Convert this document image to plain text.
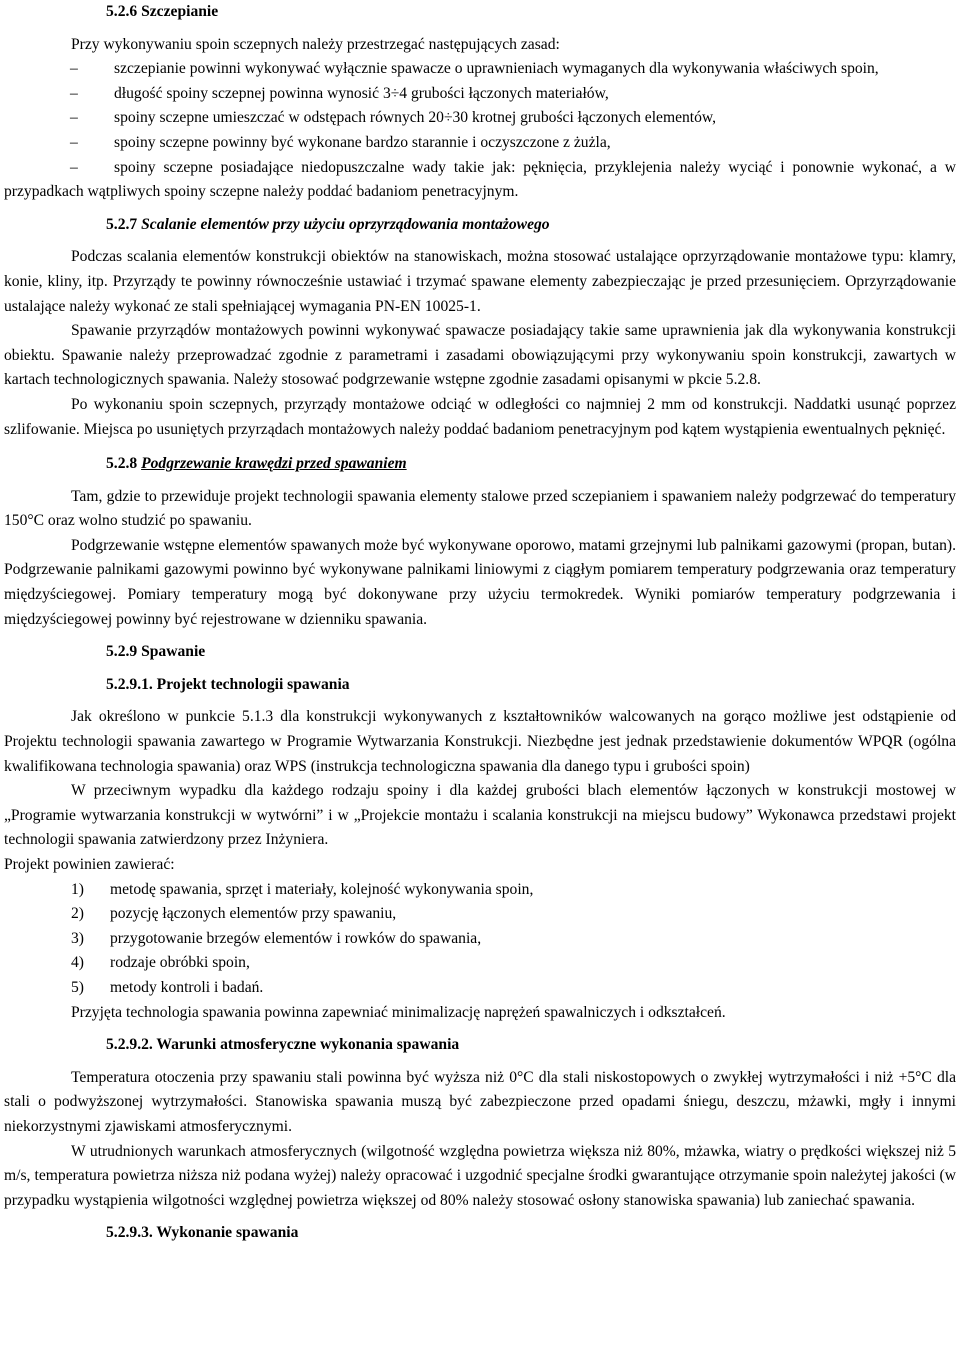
5.2.6 Szczepianie

Przy wykonywaniu spoin sczepnych należy przestrzegać następujących zasad:

– szczepianie powinni wykonywać wyłącznie spawacze o uprawnieniach wymaganych dla wykonywania właściwych spoin,

– długość spoiny sczepnej powinna wynosić 3÷4 grubości łączonych materiałów,

– spoiny sczepne umieszczać w odstępach równych 20÷30 krotnej grubości łączonych elementów,

– spoiny sczepne powinny być wykonane bardzo starannie i oczyszczone z żużla,

– spoiny sczepne posiadające niedopuszczalne wady takie jak: pęknięcia, przyklejenia należy wyciąć i ponownie wykonać, a w przypadkach wątpliwych spoiny sczepne należy poddać badaniom penetracyjnym.

5.2.7 Scalanie elementów przy użyciu oprzyrządowania montażowego

Podczas scalania elementów konstrukcji obiektów na stanowiskach, można stosować ustalające oprzyrządowanie montażowe typu: klamry, konie, kliny, itp. Przyrządy te powinny równocześnie ustawiać i trzymać spawane elementy zabezpieczając je przed przesunięciem. Oprzyrządowanie ustalające należy wykonać ze stali spełniającej wymagania PN-EN 10025-1.

Spawanie przyrządów montażowych powinni wykonywać spawacze posiadający takie same uprawnienia jak dla wykonywania konstrukcji obiektu. Spawanie należy przeprowadzać zgodnie z parametrami i zasadami obowiązującymi przy wykonywaniu spoin konstrukcji, zawartych w kartach technologicznych spawania. Należy stosować podgrzewanie wstępne zgodnie zasadami opisanymi w pkcie 5.2.8.

Po wykonaniu spoin sczepnych, przyrządy montażowe odciąć w odległości co najmniej 2 mm od konstrukcji. Naddatki usunąć poprzez szlifowanie. Miejsca po usuniętych przyrządach montażowych należy poddać badaniom penetracyjnym pod kątem wystąpienia ewentualnych pęknięć.

5.2.8 Podgrzewanie krawędzi przed spawaniem

Tam, gdzie to przewiduje projekt technologii spawania elementy stalowe przed sczepianiem i spawaniem należy podgrzewać do temperatury 150°C oraz wolno studzić po spawaniu.

Podgrzewanie wstępne elementów spawanych może być wykonywane oporowo, matami grzejnymi lub palnikami gazowymi (propan, butan). Podgrzewanie palnikami gazowymi powinno być wykonywane palnikami liniowymi z ciągłym pomiarem temperatury podgrzewania oraz temperatury międzyściegowej. Pomiary temperatury mogą być dokonywane przy użyciu termokredek. Wyniki pomiarów temperatury podgrzewania i międzyściegowej powinny być rejestrowane w dzienniku spawania.

5.2.9 Spawanie
5.2.9.1. Projekt technologii spawania

Jak określono w punkcie 5.1.3 dla konstrukcji wykonywanych z kształtowników walcowanych na gorąco możliwe jest odstąpienie od Projektu technologii spawania zawartego w Programie Wytwarzania Konstrukcji. Niezbędne jest jednak przedstawienie dokumentów WPQR (ogólna kwalifikowana technologia spawania) oraz WPS (instrukcja technologiczna spawania dla danego typu i grubości spoin)

W przeciwnym wypadku dla każdego rodzaju spoiny i dla każdej grubości blach elementów łączonych w konstrukcji mostowej w „Programie wytwarzania konstrukcji w wytwórni” i w „Projekcie montażu i scalania konstrukcji na miejscu budowy” Wykonawca przedstawi projekt technologii spawania zatwierdzony przez Inżyniera.

Projekt powinien zawierać:

1) metodę spawania, sprzęt i materiały, kolejność wykonywania spoin,

2) pozycję łączonych elementów przy spawaniu,

3) przygotowanie brzegów elementów i rowków do spawania,

4) rodzaje obróbki spoin,

5) metody kontroli i badań.

Przyjęta technologia spawania powinna zapewniać minimalizację naprężeń spawalniczych i odkształceń.

5.2.9.2. Warunki atmosferyczne wykonania spawania

Temperatura otoczenia przy spawaniu stali powinna być wyższa niż 0°C dla stali niskostopowych o zwykłej wytrzymałości i niż +5°C dla stali o podwyższonej wytrzymałości. Stanowiska spawania muszą być zabezpieczone przed opadami śniegu, deszczu, mżawki, mgły i innymi niekorzystnymi zjawiskami atmosferycznymi.

W utrudnionych warunkach atmosferycznych (wilgotność względna powietrza większa niż 80%, mżawka, wiatry o prędkości większej niż 5 m/s, temperatura powietrza niższa niż podana wyżej) należy opracować i uzgodnić specjalne środki gwarantujące otrzymanie spoin należytej jakości (w przypadku wystąpienia wilgotności względnej powietrza większej od 80% należy stosować osłony stanowiska spawania) lub zaniechać spawania.

5.2.9.3. Wykonanie spawania
